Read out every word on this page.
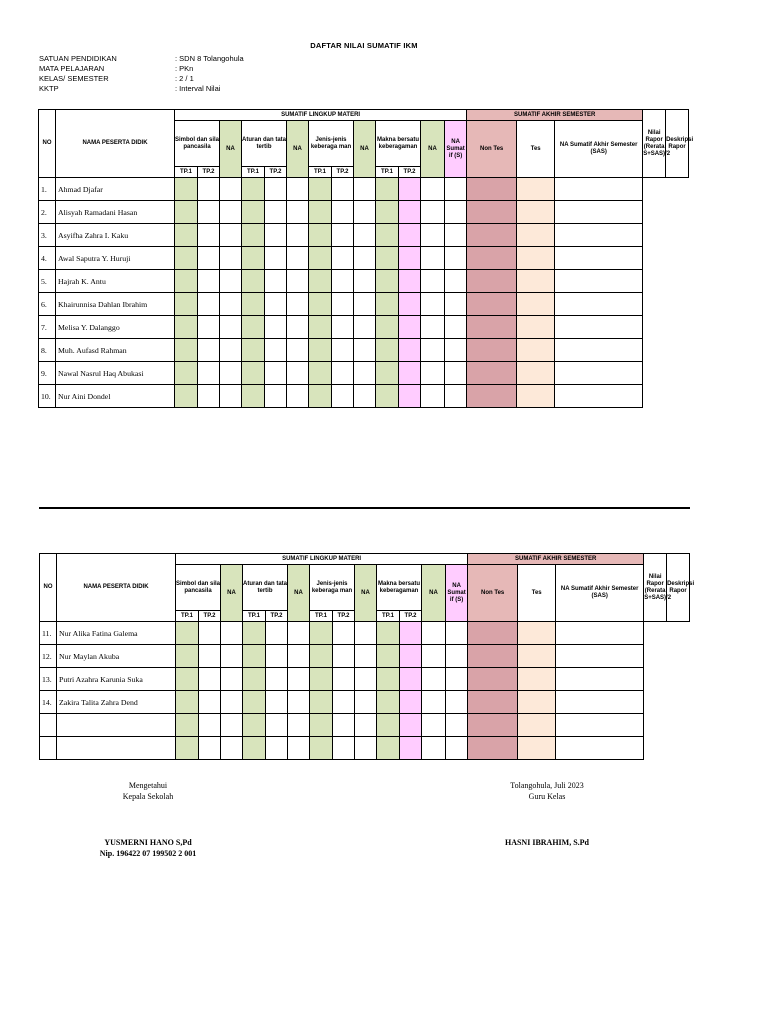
DAFTAR NILAI SUMATIF IKM
SATUAN PENDIDIKAN	: SDN 8 Tolangohula
MATA PELAJARAN	: PKn
KELAS/ SEMESTER	: 2 / 1
KKTP	: Interval Nilai
NO	NAMA PESERTA DIDIK	SUMATIF LINGKUP MATERI													SUMATIF AKHIR SEMESTER			Nilai Rapor (Rerata S+SAS)/2	Deskripsi Rapor
		Simbol dan sila pancasila		NA	Aturan dan tata tertib		NA	Jenis-jenis keberaga man		NA	Makna bersatu keberagaman		NA	NA Sumat if (S)	Non Tes	Tes	NA Sumatif Akhir Semester (SAS)		
		TP.1	TP.2		TP.1	TP.2		TP.1	TP.2		TP.1	TP.2							
1.	Ahmad Djafar																		
2.	Alisyah Ramadani Hasan																		
3.	Asyifha Zahra I. Kaku																		
4.	Awal Saputra Y. Huruji																		
5.	Hajrah K. Antu																		
6.	Khairunnisa Dahlan Ibrahim																		
7.	Melisa Y. Dalanggo																		
8.	Muh. Aufasd Rahman																		
9.	Nawal Nasrul Haq Abukasi																		
10.	Nur Aini Dondel																		
NO	NAMA PESERTA DIDIK	SUMATIF LINGKUP MATERI													SUMATIF AKHIR SEMESTER			Nilai Rapor (Rerata S+SAS)/2	Deskripsi Rapor
		Simbol dan sila pancasila		NA	Aturan dan tata tertib		NA	Jenis-jenis keberaga man		NA	Makna bersatu keberagaman		NA	NA Sumat if (S)	Non Tes	Tes	NA Sumatif Akhir Semester (SAS)		
		TP.1	TP.2		TP.1	TP.2		TP.1	TP.2		TP.1	TP.2							
11.	Nur Alika Fatina Galema																		
12.	Nur Maylan Akuba																		
13.	Putri Azahra Karunia Suka																		
14.	Zakira Talita Zahra Dend																		

Mengetahui
Kepala Sekolah
YUSMERNI HANO S,Pd
Nip. 196422 07 199502 2 001
Tolangohula, Juli 2023
Guru Kelas
HASNI IBRAHIM, S.Pd
